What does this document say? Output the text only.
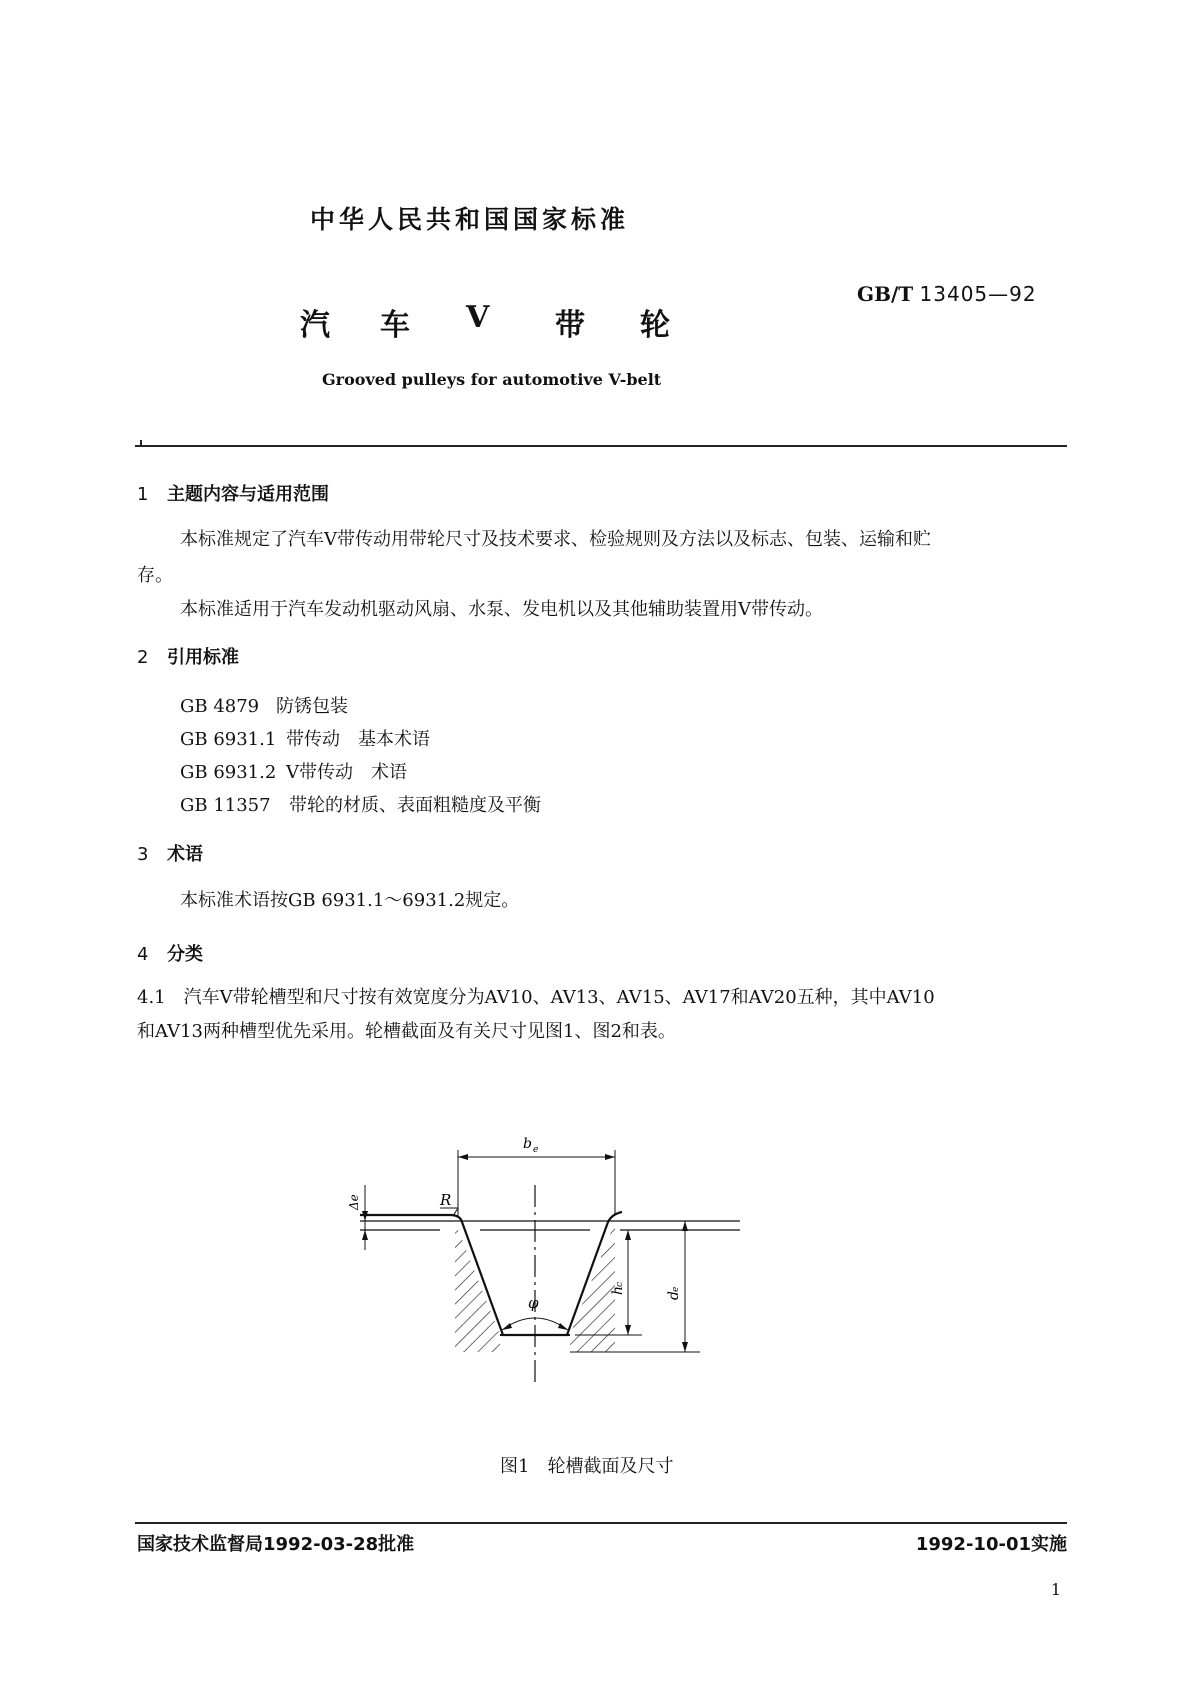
中华人民共和国国家标准
GB/T 13405—92
汽 车 V 带 轮
Grooved pulleys for automotive V-belt
1 主题内容与适用范围
本标准规定了汽车V带传动用带轮尺寸及技术要求、检验规则及方法以及标志、包装、运输和贮
存。
本标准适用于汽车发动机驱动风扇、水泵、发电机以及其他辅助装置用V带传动。
2 引用标准
GB 4879 防锈包装
GB 6931.1 带传动　基本术语
GB 6931.2 V带传动　术语
GB 11357 带轮的材质、表面粗糙度及平衡
3 术语
本标准术语按GB 6931.1～6931.2规定。
4 分类
4.1　汽车V带轮槽型和尺寸按有效宽度分为AV10、AV13、AV15、AV17和AV20五种，其中AV10
和AV13两种槽型优先采用。轮槽截面及有关尺寸见图1、图2和表。
b e
Δe	R
h
c
d
e
φ
图1　轮槽截面及尺寸
国家技术监督局1992-03-28批准	1992-10-01实施
1
